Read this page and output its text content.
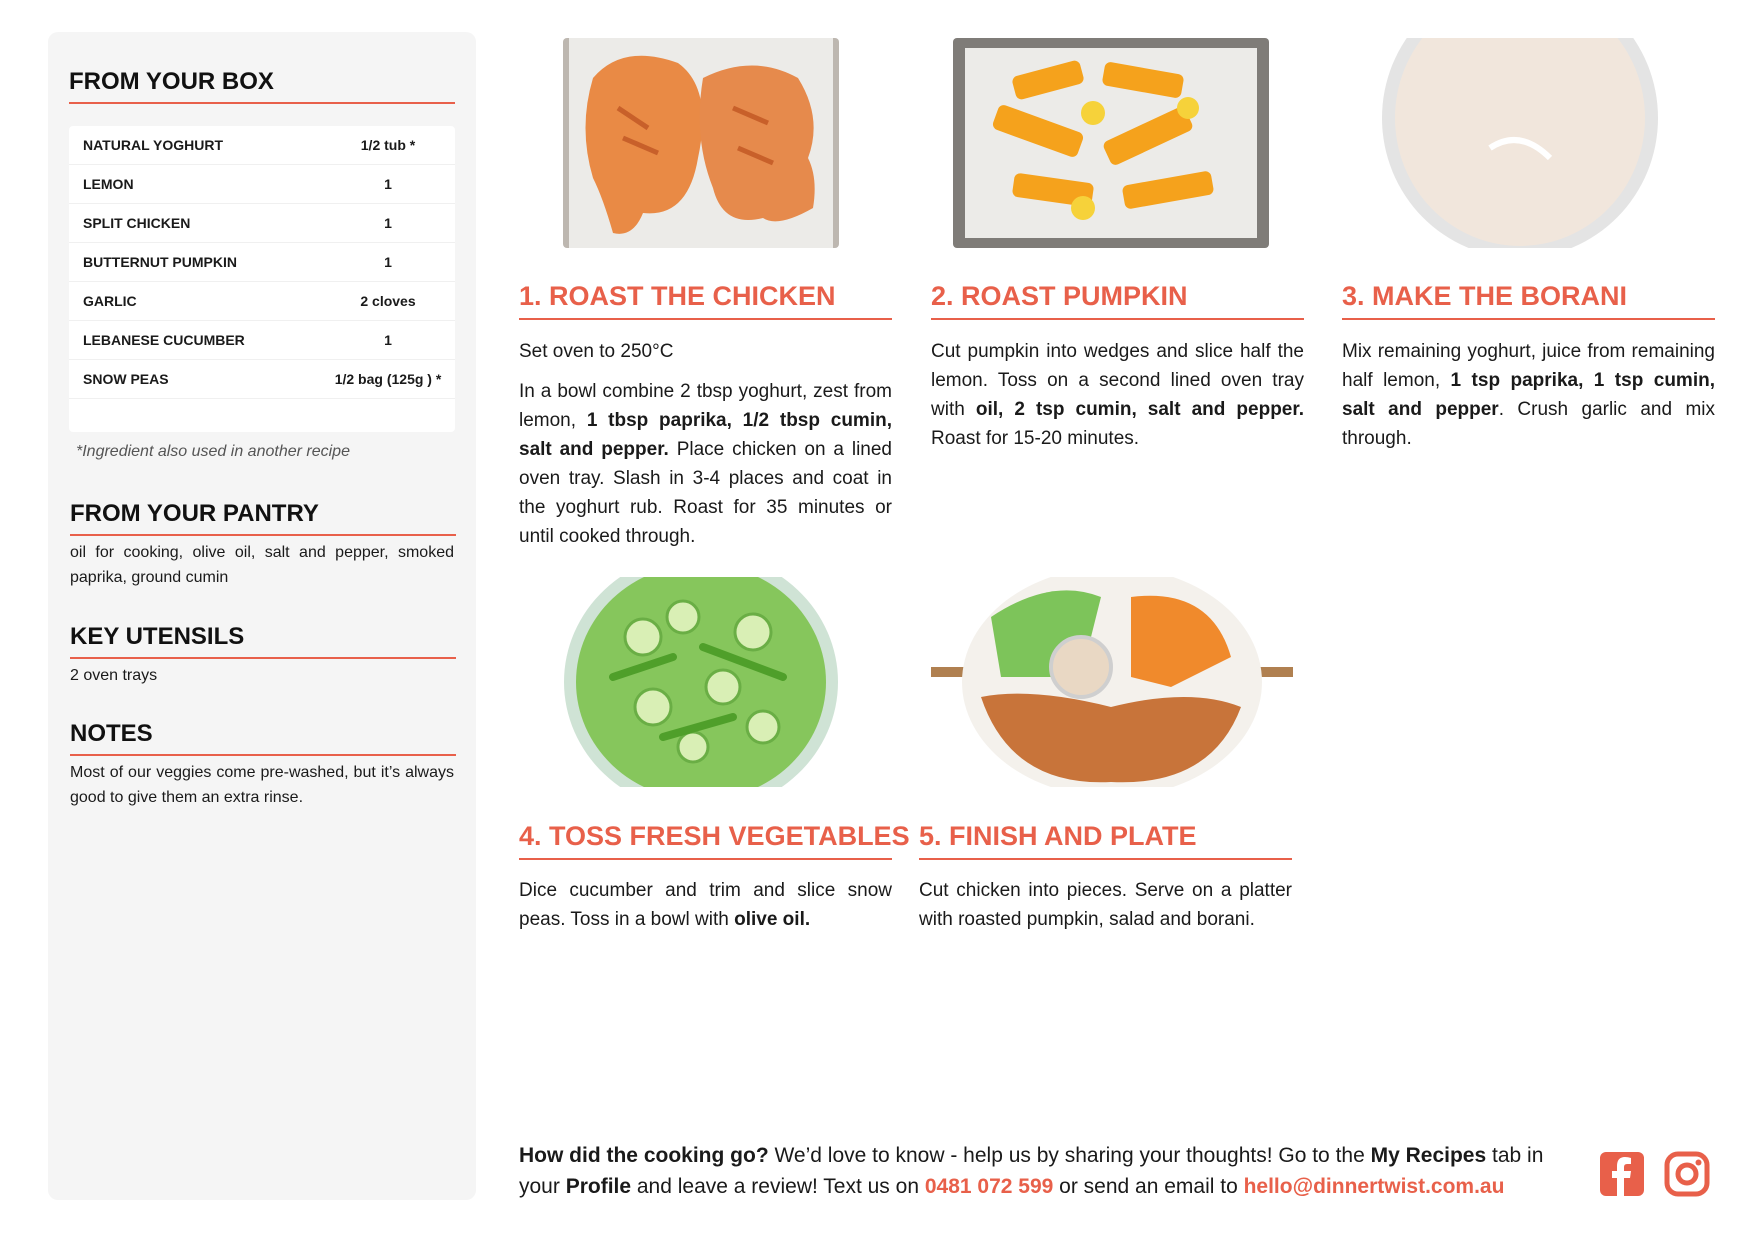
FROM YOUR BOX
NATURAL YOGHURT	1/2 tub *
LEMON	1
SPLIT CHICKEN	1
BUTTERNUT PUMPKIN	1
GARLIC	2 cloves
LEBANESE CUCUMBER	1
SNOW PEAS	1/2 bag (125g ) *
*Ingredient also used in another recipe
FROM YOUR PANTRY

oil for cooking, olive oil, salt and pepper, smoked paprika, ground cumin

KEY UTENSILS

2 oven trays

NOTES

Most of our veggies come pre-washed, but it’s always good to give them an extra rinse.

1. ROAST THE CHICKEN

Set oven to 250°C

In a bowl combine 2 tbsp yoghurt, zest from lemon, 1 tbsp paprika, 1/2 tbsp cumin, salt and pepper. Place chicken on a lined oven tray. Slash in 3-4 places and coat in the yoghurt rub. Roast for 35 minutes or until cooked through.

2. ROAST PUMPKIN

Cut pumpkin into wedges and slice half the lemon. Toss on a second lined oven tray with oil, 2 tsp cumin, salt and pepper. Roast for 15-20 minutes.

3. MAKE THE BORANI

Mix remaining yoghurt, juice from remaining half lemon, 1 tsp paprika, 1 tsp cumin, salt and pepper. Crush garlic and mix through.

4. TOSS FRESH VEGETABLES

Dice cucumber and trim and slice snow peas. Toss in a bowl with olive oil.

5. FINISH AND PLATE

Cut chicken into pieces. Serve on a platter with roasted pumpkin, salad and borani.

How did the cooking go? We’d love to know - help us by sharing your thoughts! Go to the My Recipes tab in your Profile and leave a review! Text us on 0481 072 599 or send an email to hello@dinnertwist.com.au
